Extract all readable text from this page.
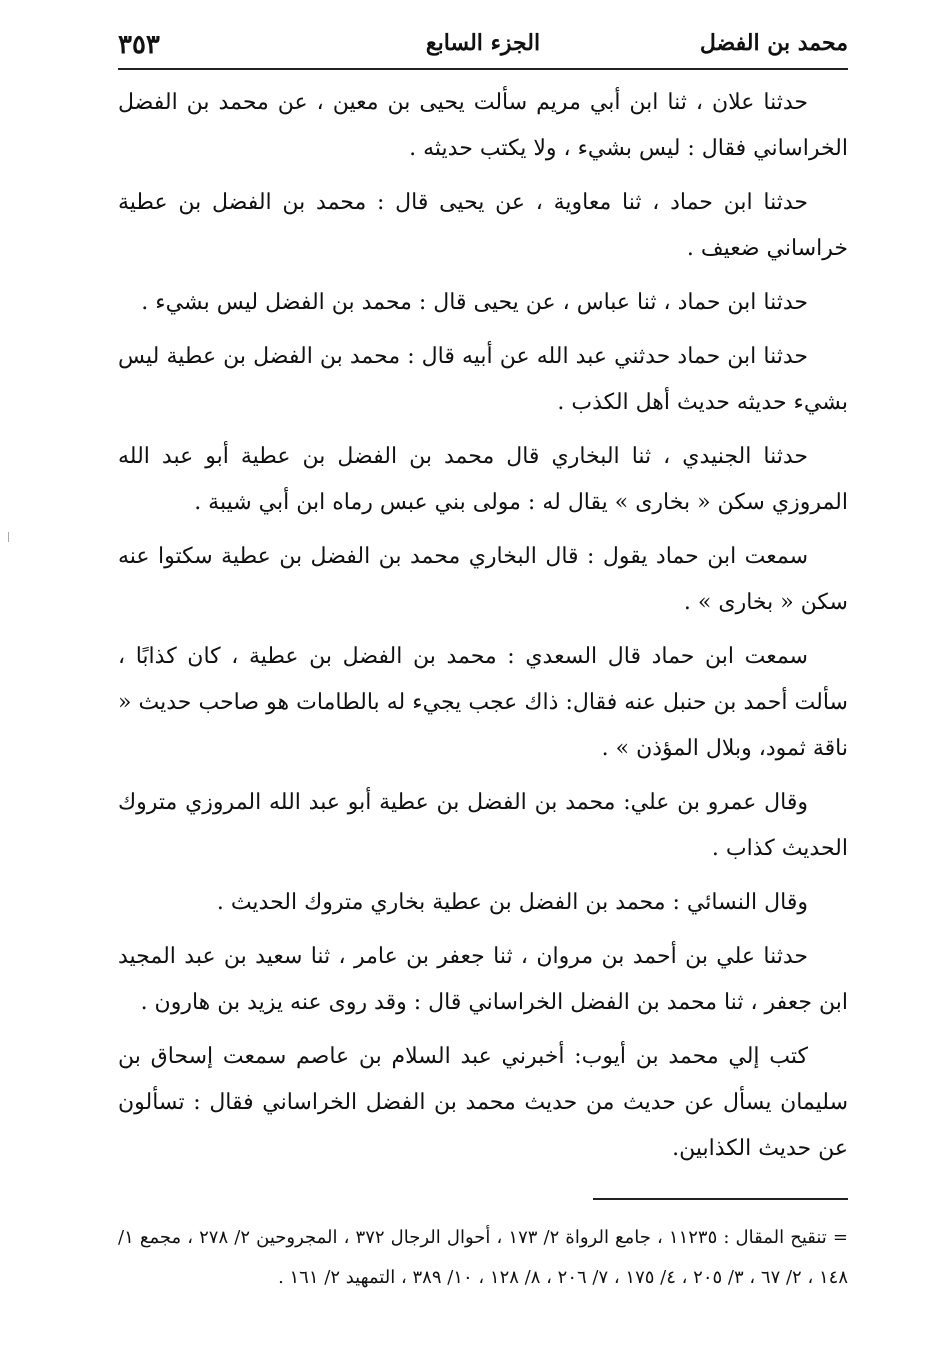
محمد بن الفضل
الجزء السابع
٣٥٣

حدثنا علان ، ثنا ابن أبي مريم سألت يحيى بن معين ، عن محمد بن الفضل الخراساني فقال : ليس بشيء ، ولا يكتب حديثه .

حدثنا ابن حماد ، ثنا معاوية ، عن يحيى قال : محمد بن الفضل بن عطية خراساني ضعيف .

حدثنا ابن حماد ، ثنا عباس ، عن يحيى قال : محمد بن الفضل ليس بشيء .

حدثنا ابن حماد حدثني عبد الله عن أبيه قال : محمد بن الفضل بن عطية ليس بشيء حديثه حديث أهل الكذب .

حدثنا الجنيدي ، ثنا البخاري قال محمد بن الفضل بن عطية أبو عبد الله المروزي سكن « بخارى » يقال له : مولى بني عبس رماه ابن أبي شيبة .

سمعت ابن حماد يقول : قال البخاري محمد بن الفضل بن عطية سكتوا عنه سكن « بخارى » .

سمعت ابن حماد قال السعدي : محمد بن الفضل بن عطية ، كان كذابًا ، سألت أحمد بن حنبل عنه فقال: ذاك عجب يجيء له بالطامات هو صاحب حديث « ناقة ثمود، وبلال المؤذن » .

وقال عمرو بن علي: محمد بن الفضل بن عطية أبو عبد الله المروزي متروك الحديث كذاب .

وقال النسائي : محمد بن الفضل بن عطية بخاري متروك الحديث .

حدثنا علي بن أحمد بن مروان ، ثنا جعفر بن عامر ، ثنا سعيد بن عبد المجيد ابن جعفر ، ثنا محمد بن الفضل الخراساني قال : وقد روى عنه يزيد بن هارون .

كتب إلي محمد بن أيوب: أخبرني عبد السلام بن عاصم سمعت إسحاق بن سليمان يسأل عن حديث من حديث محمد بن الفضل الخراساني فقال : تسألون عن حديث الكذابين.

= تنقيح المقال : ١١٢٣٥ ، جامع الرواة ٢/ ١٧٣ ، أحوال الرجال ٣٧٢ ، المجروحين ٢/ ٢٧٨ ، مجمع ١/ ١٤٨ ، ٢/ ٦٧ ، ٣/ ٢٠٥ ، ٤/ ١٧٥ ، ٧/ ٢٠٦ ، ٨/ ١٢٨ ، ١٠/ ٣٨٩ ، التمهيد ٢/ ١٦١ .
